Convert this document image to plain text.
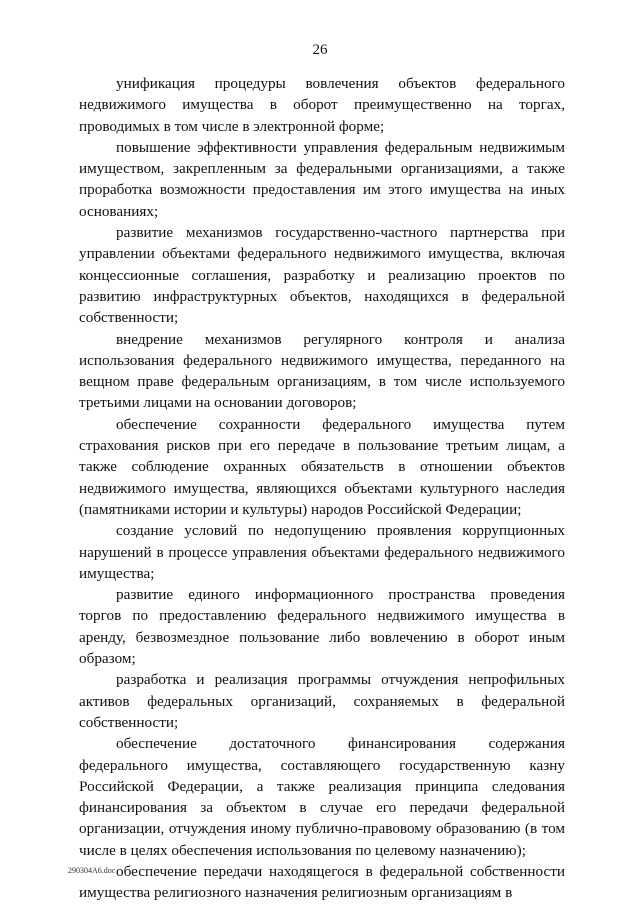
26

унификация процедуры вовлечения объектов федерального недвижимого имущества в оборот преимущественно на торгах, проводимых в том числе в электронной форме;

повышение эффективности управления федеральным недвижимым имуществом, закрепленным за федеральными организациями, а также проработка возможности предоставления им этого имущества на иных основаниях;

развитие механизмов государственно-частного партнерства при управлении объектами федерального недвижимого имущества, включая концессионные соглашения, разработку и реализацию проектов по развитию инфраструктурных объектов, находящихся в федеральной собственности;

внедрение механизмов регулярного контроля и анализа использования федерального недвижимого имущества, переданного на вещном праве федеральным организациям, в том числе используемого третьими лицами на основании договоров;

обеспечение сохранности федерального имущества путем страхования рисков при его передаче в пользование третьим лицам, а также соблюдение охранных обязательств в отношении объектов недвижимого имущества, являющихся объектами культурного наследия (памятниками истории и культуры) народов Российской Федерации;

создание условий по недопущению проявления коррупционных нарушений в процессе управления объектами федерального недвижимого имущества;

развитие единого информационного пространства проведения торгов по предоставлению федерального недвижимого имущества в аренду, безвозмездное пользование либо вовлечению в оборот иным образом;

разработка и реализация программы отчуждения непрофильных активов федеральных организаций, сохраняемых в федеральной собственности;

обеспечение достаточного финансирования содержания федерального имущества, составляющего государственную казну Российской Федерации, а также реализация принципа следования финансирования за объектом в случае его передачи федеральной организации, отчуждения иному публично-правовому образованию (в том числе в целях обеспечения использования по целевому назначению);

обеспечение передачи находящегося в федеральной собственности имущества религиозного назначения религиозным организациям в

290304А6.doc
